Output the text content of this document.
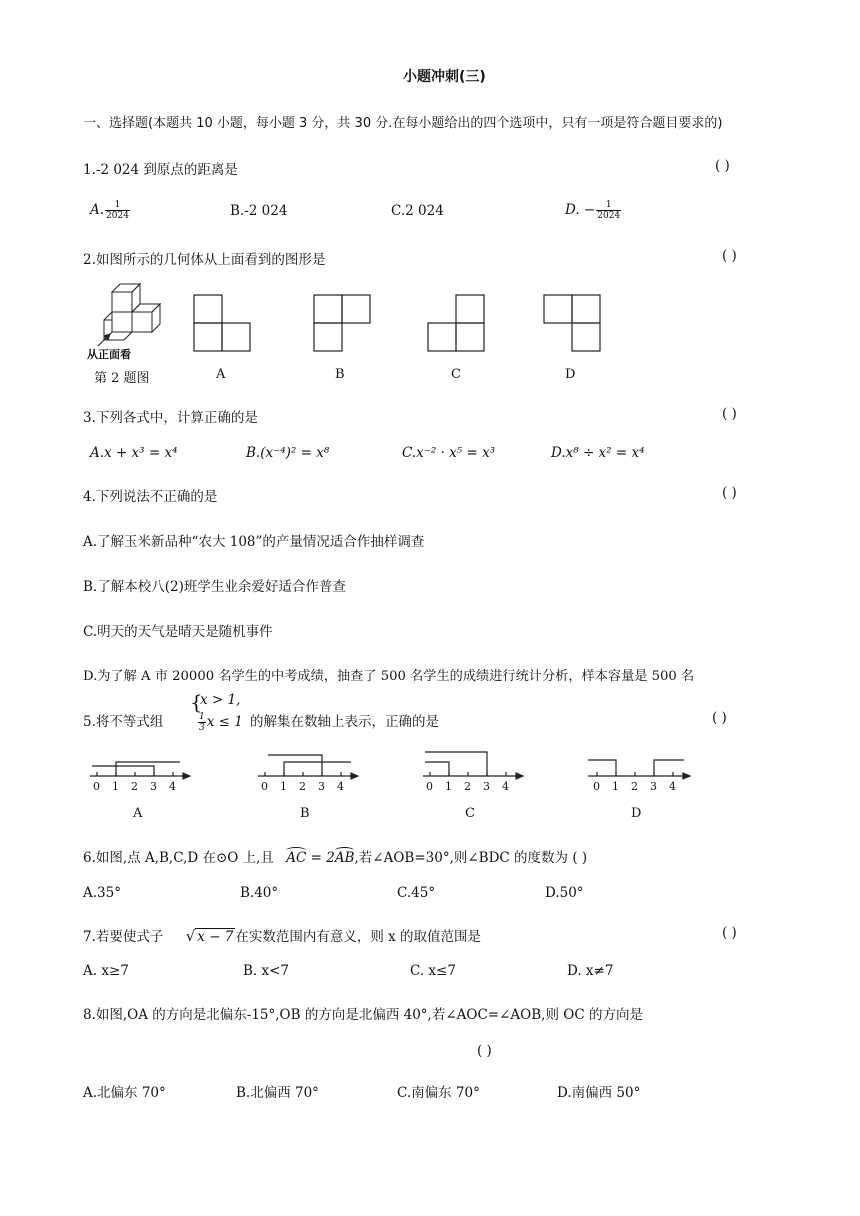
小题冲刺(三)
一、选择题(本题共 10 小题，每小题 3 分，共 30 分.在每小题给出的四个选项中，只有一项是符合题目要求的)
1.-2 024 到原点的距离是	( )
A. $\frac{1}{2024}$	B.-2 024	C.2 024	D. − $\frac{1}{2024}$
2.如图所示的几何体从上面看到的图形是	( )
从正面看
第 2 题图	A	B	C	D
3.下列各式中，计算正确的是	( )
A.x + x³ = x⁴	B.(x⁻⁴)² = x⁸	C.x⁻² · x⁵ = x³	D.x⁸ ÷ x² = x⁴
4.下列说法不正确的是	( )
A.了解玉米新品种“农大 108”的产量情况适合作抽样调查
B.了解本校八(2)班学生业余爱好适合作普查
C.明天的天气是晴天是随机事件
D.为了解 A 市 20000 名学生的中考成绩，抽查了 500 名学生的成绩进行统计分析，样本容量是 500 名
5.将不等式组
{
x > 1,
$\frac{1}{3}$ x ≤ 1 的解集在数轴上表示，正确的是	( )
0 1 2 3 4	0 1 2 3 4	0 1 2 3 4	0 1 2 3 4
A	B	C	D
6.如图,点 A,B,C,D 在⊙O 上,且 AC = 2
AB,若∠AOB=30°,则∠BDC 的度数为 ( )
A.35°	B.40°	C.45°	D.50°
7.若要使式子 √ x − 7 在实数范围内有意义，则 x 的取值范围是	( )
A. x≥7	B. x<7	C. x≤7	D. x≠7
8.如图,OA 的方向是北偏东-15°,OB 的方向是北偏西 40°,若∠AOC=∠AOB,则 OC 的方向是
( )
A.北偏东 70°	B.北偏西 70°	C.南偏东 70°	D.南偏西 50°
